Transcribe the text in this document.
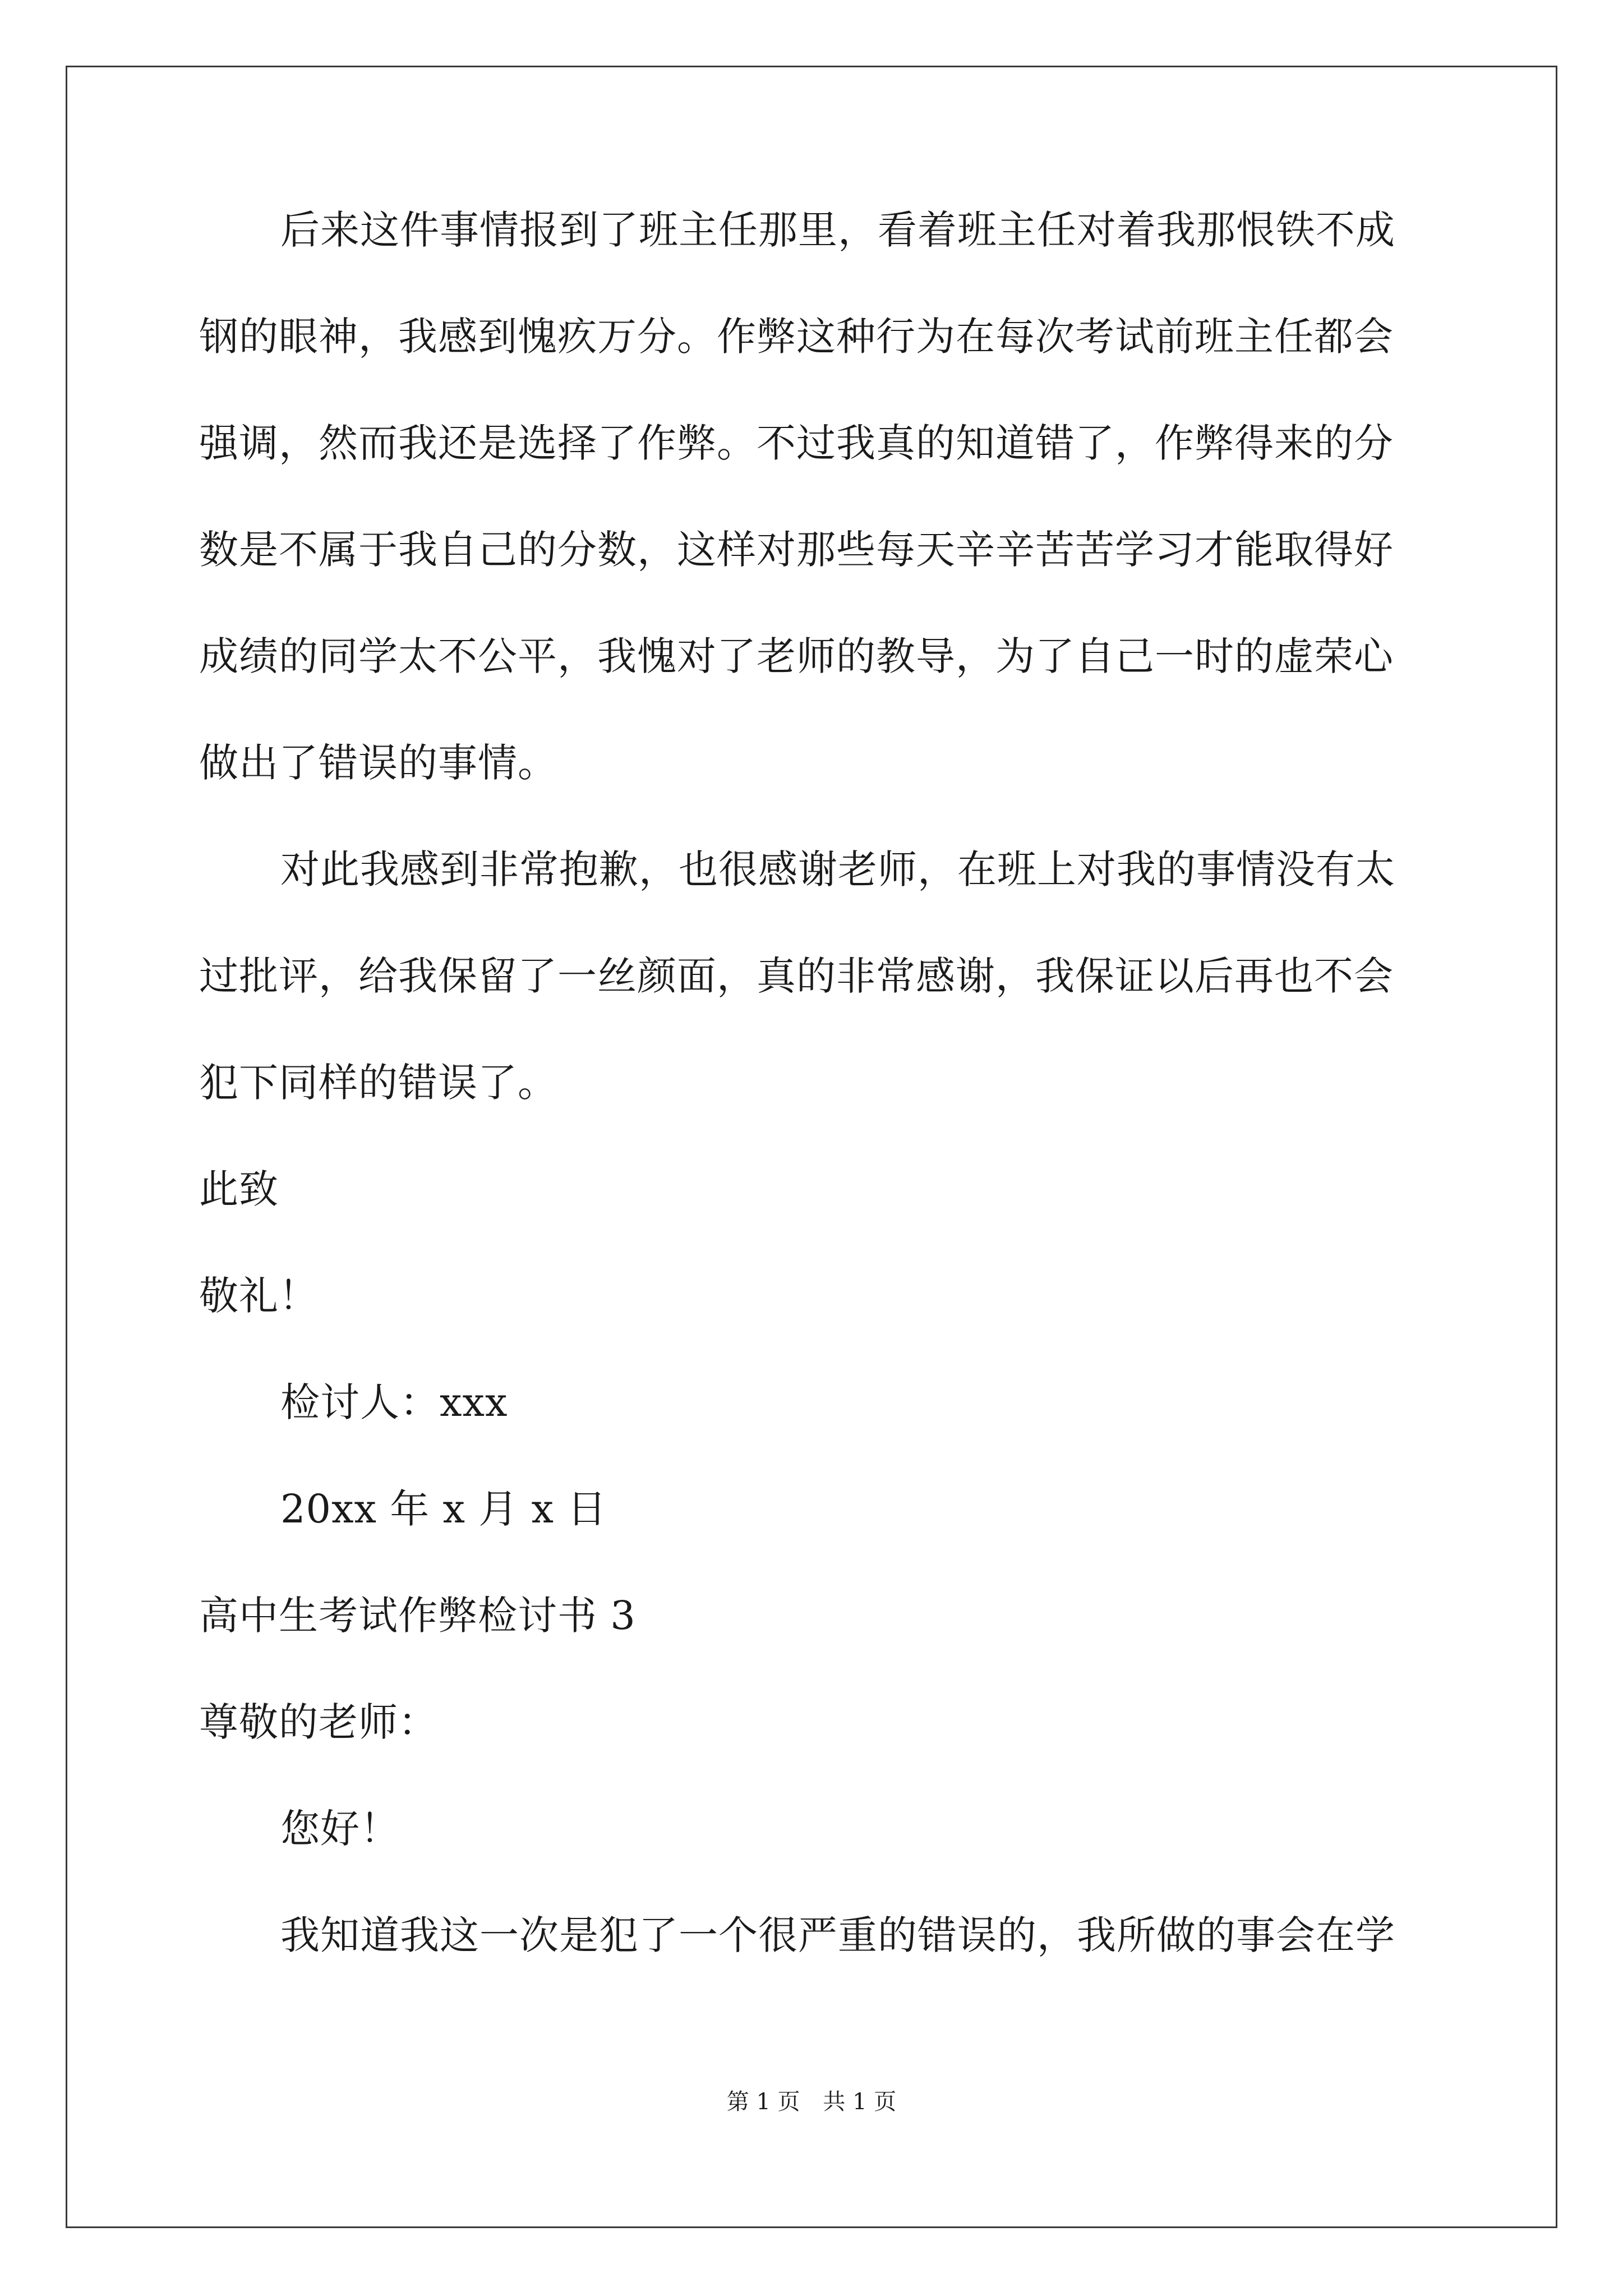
后来这件事情报到了班主任那里，看着班主任对着我那恨铁不成
钢的眼神，我感到愧疚万分。作弊这种行为在每次考试前班主任都会
强调，然而我还是选择了作弊。不过我真的知道错了，作弊得来的分
数是不属于我自己的分数，这样对那些每天辛辛苦苦学习才能取得好
成绩的同学太不公平，我愧对了老师的教导，为了自己一时的虚荣心
做出了错误的事情。
对此我感到非常抱歉，也很感谢老师，在班上对我的事情没有太
过批评，给我保留了一丝颜面，真的非常感谢，我保证以后再也不会
犯下同样的错误了。
此致
敬礼！
检讨人：xxx
20xx 年 x 月 x 日
高中生考试作弊检讨书 3
尊敬的老师：
您好！
我知道我这一次是犯了一个很严重的错误的，我所做的事会在学
第 1 页 共 1 页
